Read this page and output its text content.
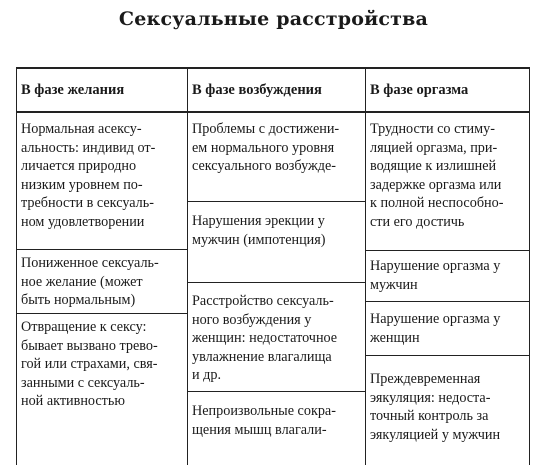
Сексуальные расстройства
В фазе желания	В фазе возбуждения	В фазе оргазма
Нормальная асексу-
альность: индивид от-
личается природно
низким уровнем по-
требности в сексуаль-
ном удовлетворении
Пониженное сексуаль-
ное желание (может
быть нормальным)
Отвращение к сексу:
бывает вызвано трево-
гой или страхами, свя-
занными с сексуаль-
ной активностью
Проблемы с достижени-
ем нормального уровня
сексуального возбужде-
Нарушения эрекции у
мужчин (импотенция)
Расстройство сексуаль-
ного возбуждения у
женщин: недостаточное
увлажнение влагалища
и др.
Непроизвольные сокра-
щения мышц влагали-
Трудности со стиму-
ляцией оргазма, при-
водящие к излишней
задержке оргазма или
к полной неспособно-
сти его достичь
Нарушение оргазма у
мужчин
Нарушение оргазма у
женщин
Преждевременная
эякуляция: недоста-
точный контроль за
эякуляцией у мужчин
